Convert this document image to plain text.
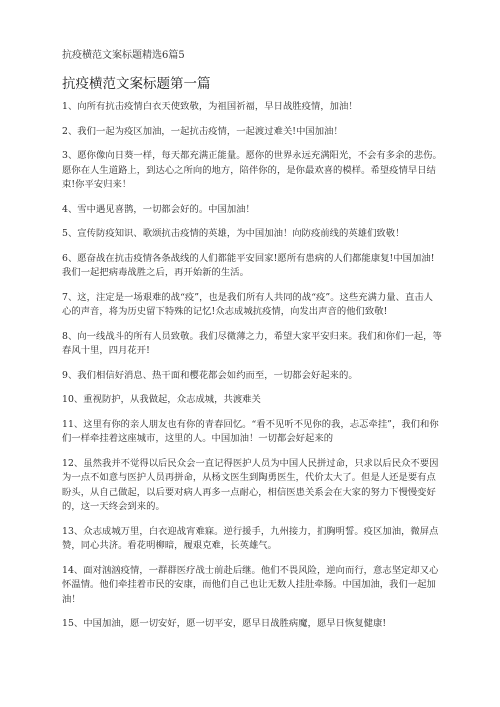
抗疫横范文案标题精选6篇5
抗疫横范文案标题第一篇

1、向所有抗击疫情白衣天使致敬，为祖国祈福，早日战胜疫情，加油！

2、我们一起为疫区加油，一起抗击疫情，一起渡过难关!中国加油！

3、愿你像向日葵一样，每天都充满正能量。愿你的世界永远充满阳光，不会有多余的悲伤。愿你在人生道路上，到达心之所向的地方，陪伴你的，是你最欢喜的模样。希望疫情早日结束!你平安归来！

4、雪中遇见喜鹊，一切都会好的。中国加油！

5、宣传防疫知识、歌颂抗击疫情的英雄，为中国加油！向防疫前线的英雄们致敬！

6、愿奋战在抗击疫情各条战线的人们都能平安回家!愿所有患病的人们都能康复!中国加油!我们一起把病毒战胜之后，再开始新的生活。

7、这，注定是一场艰难的战“疫”，也是我们所有人共同的战“疫”。这些充满力量、直击人心的声音，将为历史留下特殊的记忆!众志成城抗疫情，向发出声音的他们致敬!

8、向一线战斗的所有人员致敬。我们尽微薄之力，希望大家平安归来。我们和你们一起，等春风十里，四月花开!

9、我们相信好消息、热干面和樱花都会如约而至，一切都会好起来的。

10、重视防护，从我做起，众志成城，共渡难关

11、这里有你的亲人朋友也有你的青春回忆。“看不见听不见你的我，忐忑牵挂”，我们和你们一样牵挂着这座城市，这里的人。中国加油！一切都会好起来的

12、虽然我并不觉得以后民众会一直记得医护人员为中国人民拼过命，只求以后民众不要因为一点不如意与医护人员再拼命，从杨文医生到陶勇医生，代价太大了。但是人还是要有点盼头，从自己做起，以后要对病人再多一点耐心，相信医患关系会在大家的努力下慢慢变好的，这一天终会到来的。

13、众志成城万里，白衣迎战宵难寐。逆行援手，九州接力，扪胸明誓。疫区加油，微屏点赞，同心共济。看花明柳暗，履艰克难，长英雄气。

14、面对汹汹疫情，一群群医疗战士前赴后继。他们不畏风险，逆向而行，意志坚定却又心怀温情。他们牵挂着市民的安康，而他们自己也让无数人挂肚牵肠。中国加油，我们一起加油！

15、中国加油，愿一切安好，愿一切平安，愿早日战胜病魔，愿早日恢复健康!
